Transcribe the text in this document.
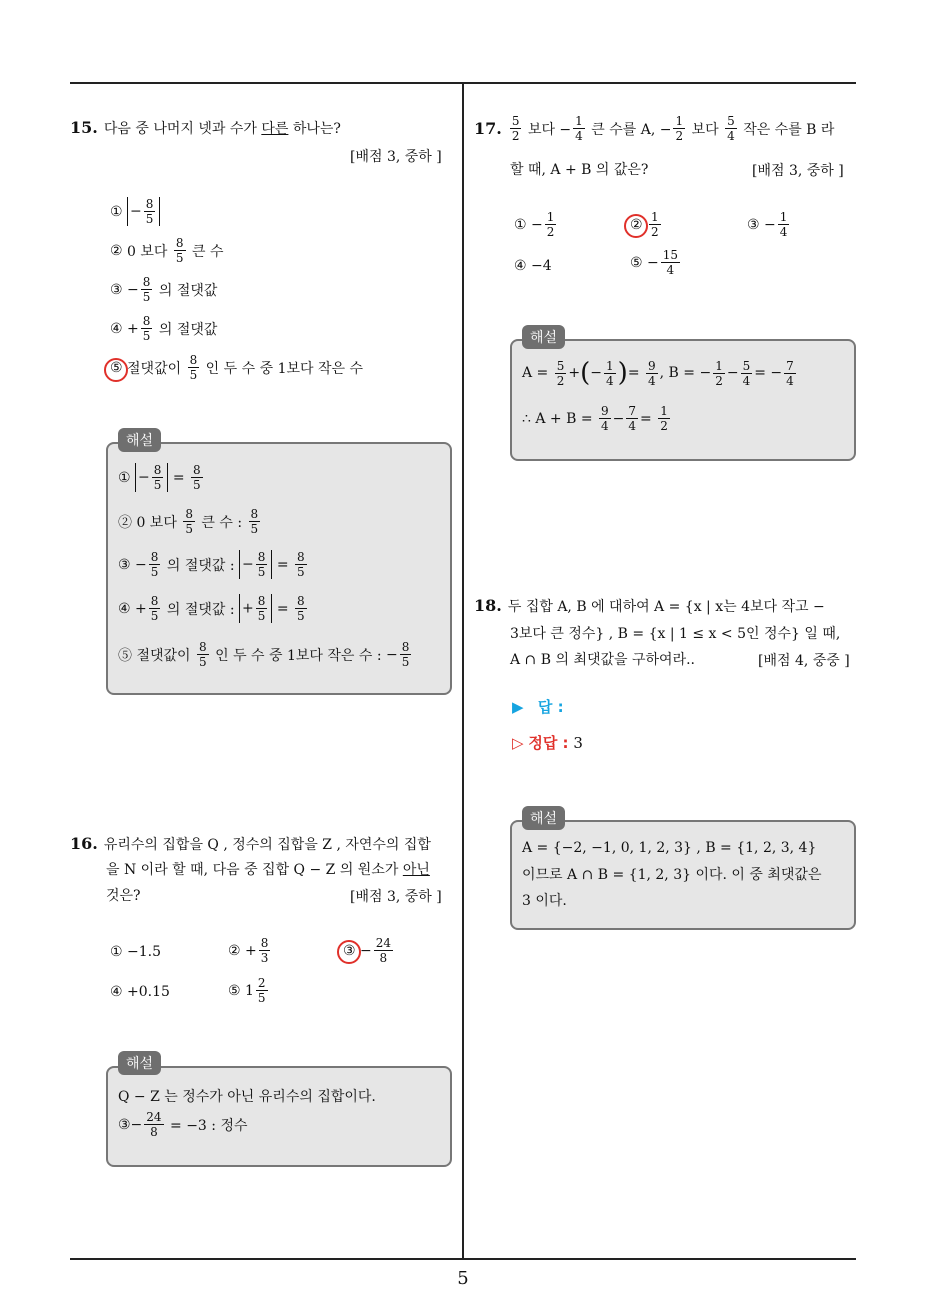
5
15. 다음 중 나머지 넷과 수가 다른 하나는?
[배점 3, 중하 ]
①
− $\frac{8}{5}$
②
0 보다
$\frac{8}{5}$
큰 수
③ − $\frac{8}{5}$
의 절댓값
④ + $\frac{8}{5}$
의 절댓값
⑤
절댓값이
$\frac{8}{5}$
인 두 수 중 1보다 작은 수
해설
① − $\frac{8}{5} = \frac{8}{5}$
② 0 보다
$\frac{8}{5}$
큰 수 :
$\frac{8}{5}$
③ − $\frac{8}{5}$
의 절댓값 :
− $\frac{8}{5} = \frac{8}{5}$
④ + $\frac{8}{5}$
의 절댓값 :
+ $\frac{8}{5} = \frac{8}{5}$
⑤ 절댓값이
$\frac{8}{5}$
인 두 수 중 1보다 작은 수 : − $\frac{8}{5}$
16. 유리수의 집합을 Q , 정수의 집합을 Z , 자연수의 집합
을 N 이라 할 때, 다음 중 집합 Q − Z 의 원소가 아닌
것은?	[배점 3, 중하 ]
① −1.5	② + $\frac{8}{3}$	③ − $\frac{24}{8}$
④ +0.15	⑤ $1 \frac{2}{5}$
해설
Q − Z 는 정수가 아닌 유리수의 집합이다.
③− $\frac{24}{8}$
= −3 : 정수
17. $\frac{5}{2}$
보다 − $\frac{1}{4}$
큰 수를 A, − $\frac{1}{2}$
보다
$\frac{5}{4}$
작은 수를 B 라
할 때, A + B 의 값은?	[배점 3, 중하 ]
① − $\frac{1}{2}$	②
$\frac{1}{2}$	③ − $\frac{1}{4}$
④ −4	⑤ − $\frac{15}{4}$
해설
A =
$\frac{5}{2}$ + ( − $\frac{1}{4}$ ) =
$\frac{9}{4}$ , B = − $\frac{1}{2} - \frac{5}{4}$ = − $\frac{7}{4}$
∴ A + B =
$\frac{9}{4} - \frac{7}{4}$ =
$\frac{1}{2}$
18. 두 집합 A, B 에 대하여 A = {x | x는 4보다 작고 −
3보다 큰 정수} , B = {x | 1 ≤ x < 5인 정수} 일 때,
A ∩ B 의 최댓값을 구하여라..	[배점 4, 중중 ]
▶ 답 :
▷ 정답 : 3
해설
A = {−2, −1, 0, 1, 2, 3} , B = {1, 2, 3, 4}
이므로 A ∩ B = {1, 2, 3} 이다. 이 중 최댓값은
3 이다.
